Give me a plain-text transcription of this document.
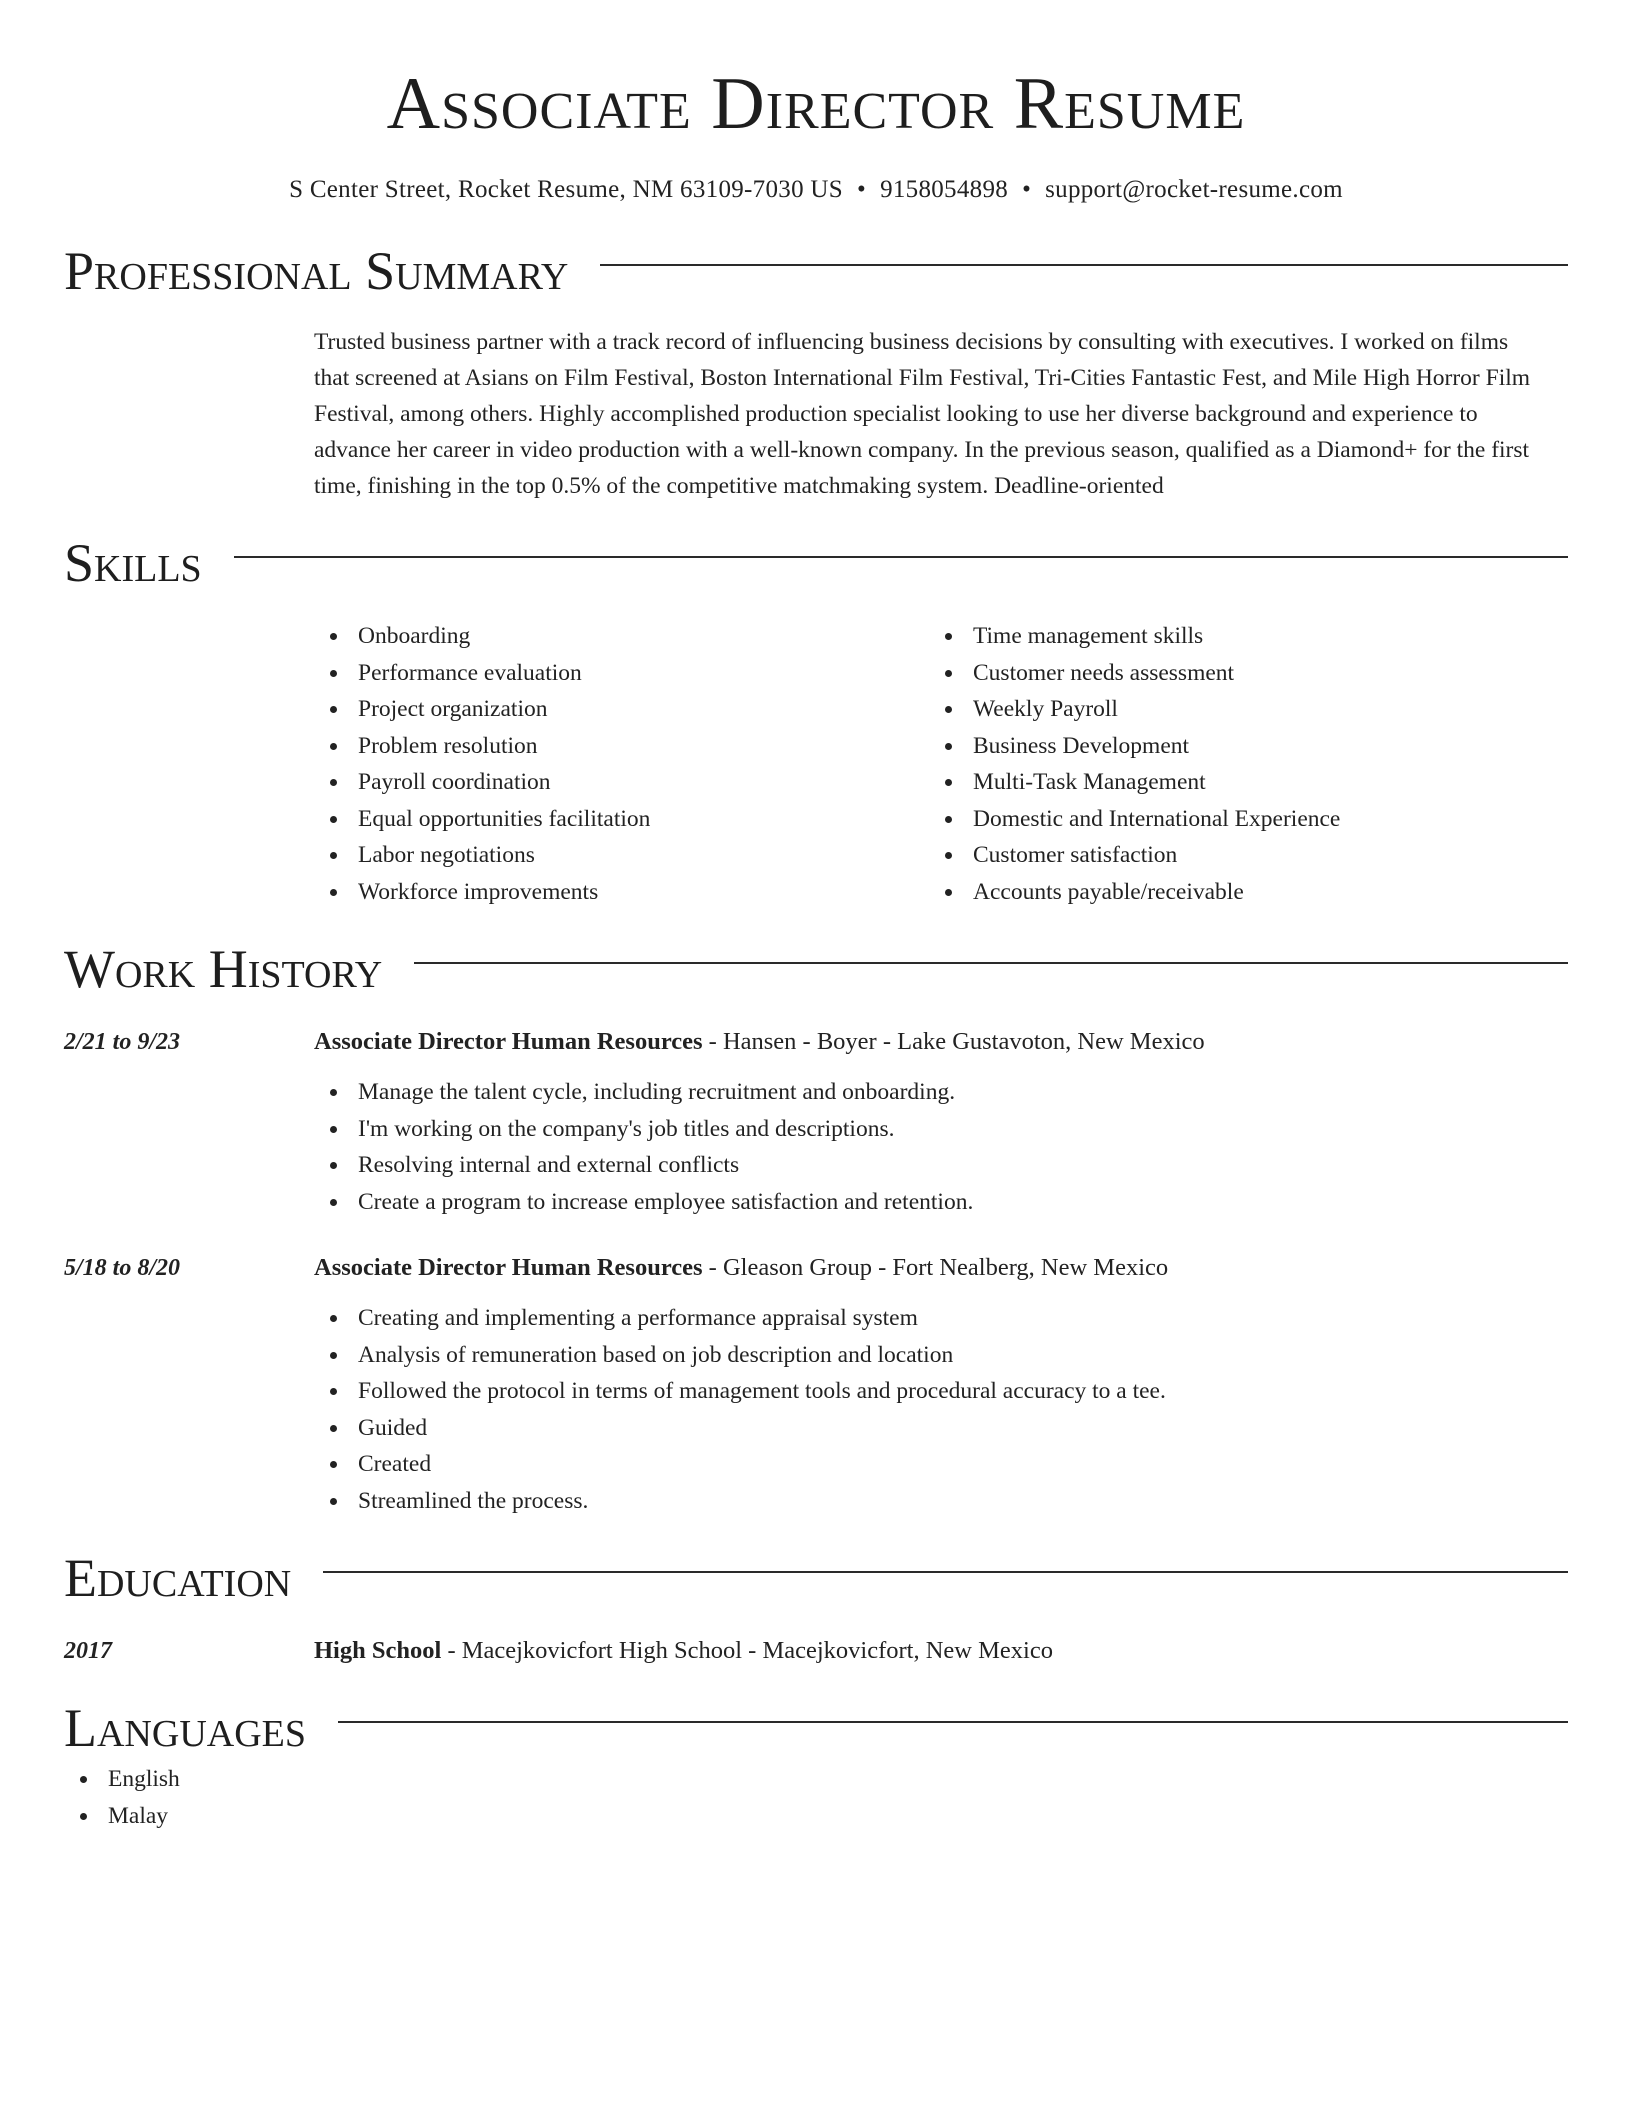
Associate Director Resume
S Center Street, Rocket Resume, NM 63109-7030 US • 9158054898 • support@rocket-resume.com
Professional Summary
Trusted business partner with a track record of influencing business decisions by consulting with executives. I worked on films that screened at Asians on Film Festival, Boston International Film Festival, Tri-Cities Fantastic Fest, and Mile High Horror Film Festival, among others. Highly accomplished production specialist looking to use her diverse background and experience to advance her career in video production with a well-known company. In the previous season, qualified as a Diamond+ for the first time, finishing in the top 0.5% of the competitive matchmaking system. Deadline-oriented
Skills
Onboarding
Performance evaluation
Project organization
Problem resolution
Payroll coordination
Equal opportunities facilitation
Labor negotiations
Workforce improvements
Time management skills
Customer needs assessment
Weekly Payroll
Business Development
Multi-Task Management
Domestic and International Experience
Customer satisfaction
Accounts payable/receivable
Work History
2/21 to 9/23	Associate Director Human Resources - Hansen - Boyer - Lake Gustavoton, New Mexico
Manage the talent cycle, including recruitment and onboarding.
I'm working on the company's job titles and descriptions.
Resolving internal and external conflicts
Create a program to increase employee satisfaction and retention.
5/18 to 8/20	Associate Director Human Resources - Gleason Group - Fort Nealberg, New Mexico
Creating and implementing a performance appraisal system
Analysis of remuneration based on job description and location
Followed the protocol in terms of management tools and procedural accuracy to a tee.
Guided
Created
Streamlined the process.
Education
2017	High School - Macejkovicfort High School - Macejkovicfort, New Mexico
Languages
English
Malay
